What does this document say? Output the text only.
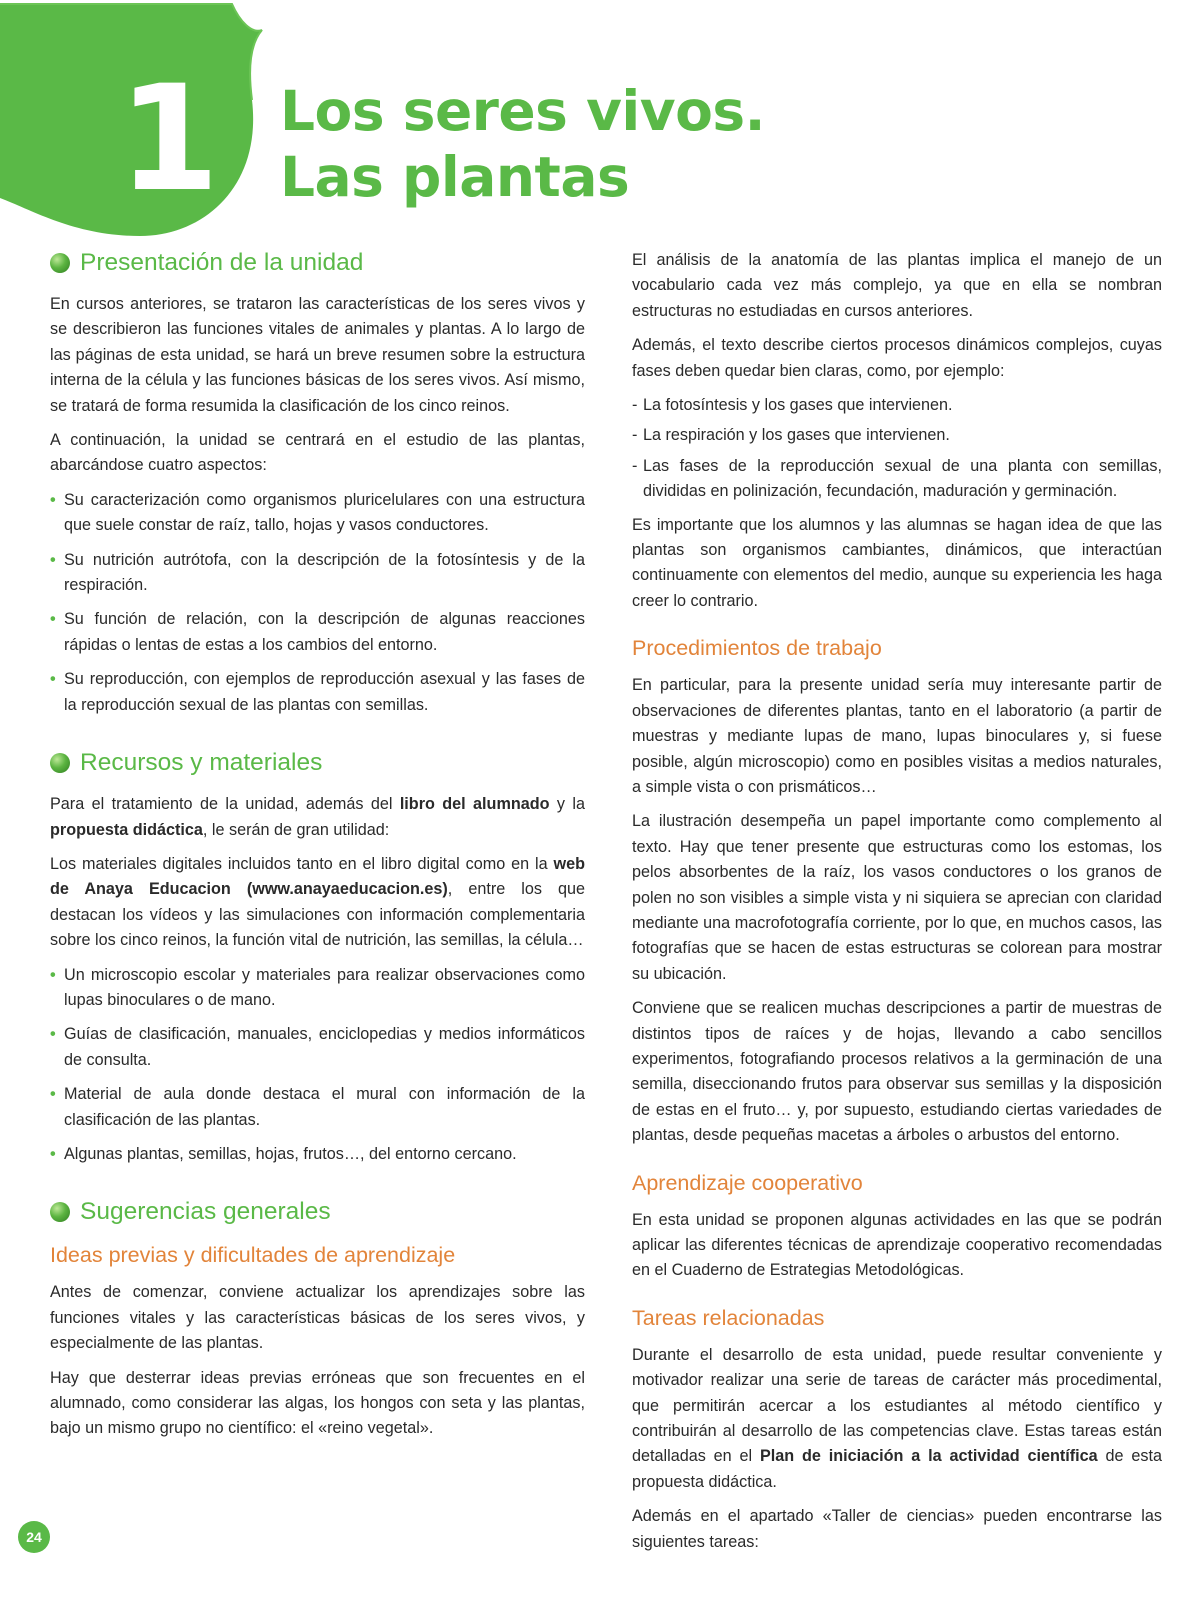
1 Los seres vivos.
Las plantas
Presentación de la unidad

En cursos anteriores, se trataron las características de los seres vivos y se describieron las funciones vitales de animales y plantas. A lo largo de las páginas de esta unidad, se hará un breve resumen sobre la estructura interna de la célula y las funciones básicas de los seres vivos. Así mismo, se tratará de forma resumida la clasificación de los cinco reinos.

A continuación, la unidad se centrará en el estudio de las plantas, abarcándose cuatro aspectos:

• Su caracterización como organismos pluricelulares con una estructura que suele constar de raíz, tallo, hojas y vasos conductores.
• Su nutrición autrótofa, con la descripción de la fotosíntesis y de la respiración.
• Su función de relación, con la descripción de algunas reacciones rápidas o lentas de estas a los cambios del entorno.
• Su reproducción, con ejemplos de reproducción asexual y las fases de la reproducción sexual de las plantas con semillas.
Recursos y materiales

Para el tratamiento de la unidad, además del libro del alumnado y la propuesta didáctica, le serán de gran utilidad:

Los materiales digitales incluidos tanto en el libro digital como en la web de Anaya Educacion (www.anayaeducacion.es), entre los que destacan los vídeos y las simulaciones con información complementaria sobre los cinco reinos, la función vital de nutrición, las semillas, la célula…

• Un microscopio escolar y materiales para realizar observaciones como lupas binoculares o de mano.
• Guías de clasificación, manuales, enciclopedias y medios informáticos de consulta.
• Material de aula donde destaca el mural con información de la clasificación de las plantas.
• Algunas plantas, semillas, hojas, frutos…, del entorno cercano.
Sugerencias generales
Ideas previas y dificultades de aprendizaje

Antes de comenzar, conviene actualizar los aprendizajes sobre las funciones vitales y las características básicas de los seres vivos, y especialmente de las plantas.

Hay que desterrar ideas previas erróneas que son frecuentes en el alumnado, como considerar las algas, los hongos con seta y las plantas, bajo un mismo grupo no científico: el «reino vegetal».

El análisis de la anatomía de las plantas implica el manejo de un vocabulario cada vez más complejo, ya que en ella se nombran estructuras no estudiadas en cursos anteriores.

Además, el texto describe ciertos procesos dinámicos complejos, cuyas fases deben quedar bien claras, como, por ejemplo:

- La fotosíntesis y los gases que intervienen.
- La respiración y los gases que intervienen.
- Las fases de la reproducción sexual de una planta con semillas, divididas en polinización, fecundación, maduración y germinación.

Es importante que los alumnos y las alumnas se hagan idea de que las plantas son organismos cambiantes, dinámicos, que interactúan continuamente con elementos del medio, aunque su experiencia les haga creer lo contrario.

Procedimientos de trabajo

En particular, para la presente unidad sería muy interesante partir de observaciones de diferentes plantas, tanto en el laboratorio (a partir de muestras y mediante lupas de mano, lupas binoculares y, si fuese posible, algún microscopio) como en posibles visitas a medios naturales, a simple vista o con prismáticos…

La ilustración desempeña un papel importante como complemento al texto. Hay que tener presente que estructuras como los estomas, los pelos absorbentes de la raíz, los vasos conductores o los granos de polen no son visibles a simple vista y ni siquiera se aprecian con claridad mediante una macrofotografía corriente, por lo que, en muchos casos, las fotografías que se hacen de estas estructuras se colorean para mostrar su ubicación.

Conviene que se realicen muchas descripciones a partir de muestras de distintos tipos de raíces y de hojas, llevando a cabo sencillos experimentos, fotografiando procesos relativos a la germinación de una semilla, diseccionando frutos para observar sus semillas y la disposición de estas en el fruto… y, por supuesto, estudiando ciertas variedades de plantas, desde pequeñas macetas a árboles o arbustos del entorno.

Aprendizaje cooperativo

En esta unidad se proponen algunas actividades en las que se podrán aplicar las diferentes técnicas de aprendizaje cooperativo recomendadas en el Cuaderno de Estrategias Metodológicas.

Tareas relacionadas

Durante el desarrollo de esta unidad, puede resultar conveniente y motivador realizar una serie de tareas de carácter más procedimental, que permitirán acercar a los estudiantes al método científico y contribuirán al desarrollo de las competencias clave. Estas tareas están detalladas en el Plan de iniciación a la actividad científica de esta propuesta didáctica.

Además en el apartado «Taller de ciencias» pueden encontrarse las siguientes tareas:

24
